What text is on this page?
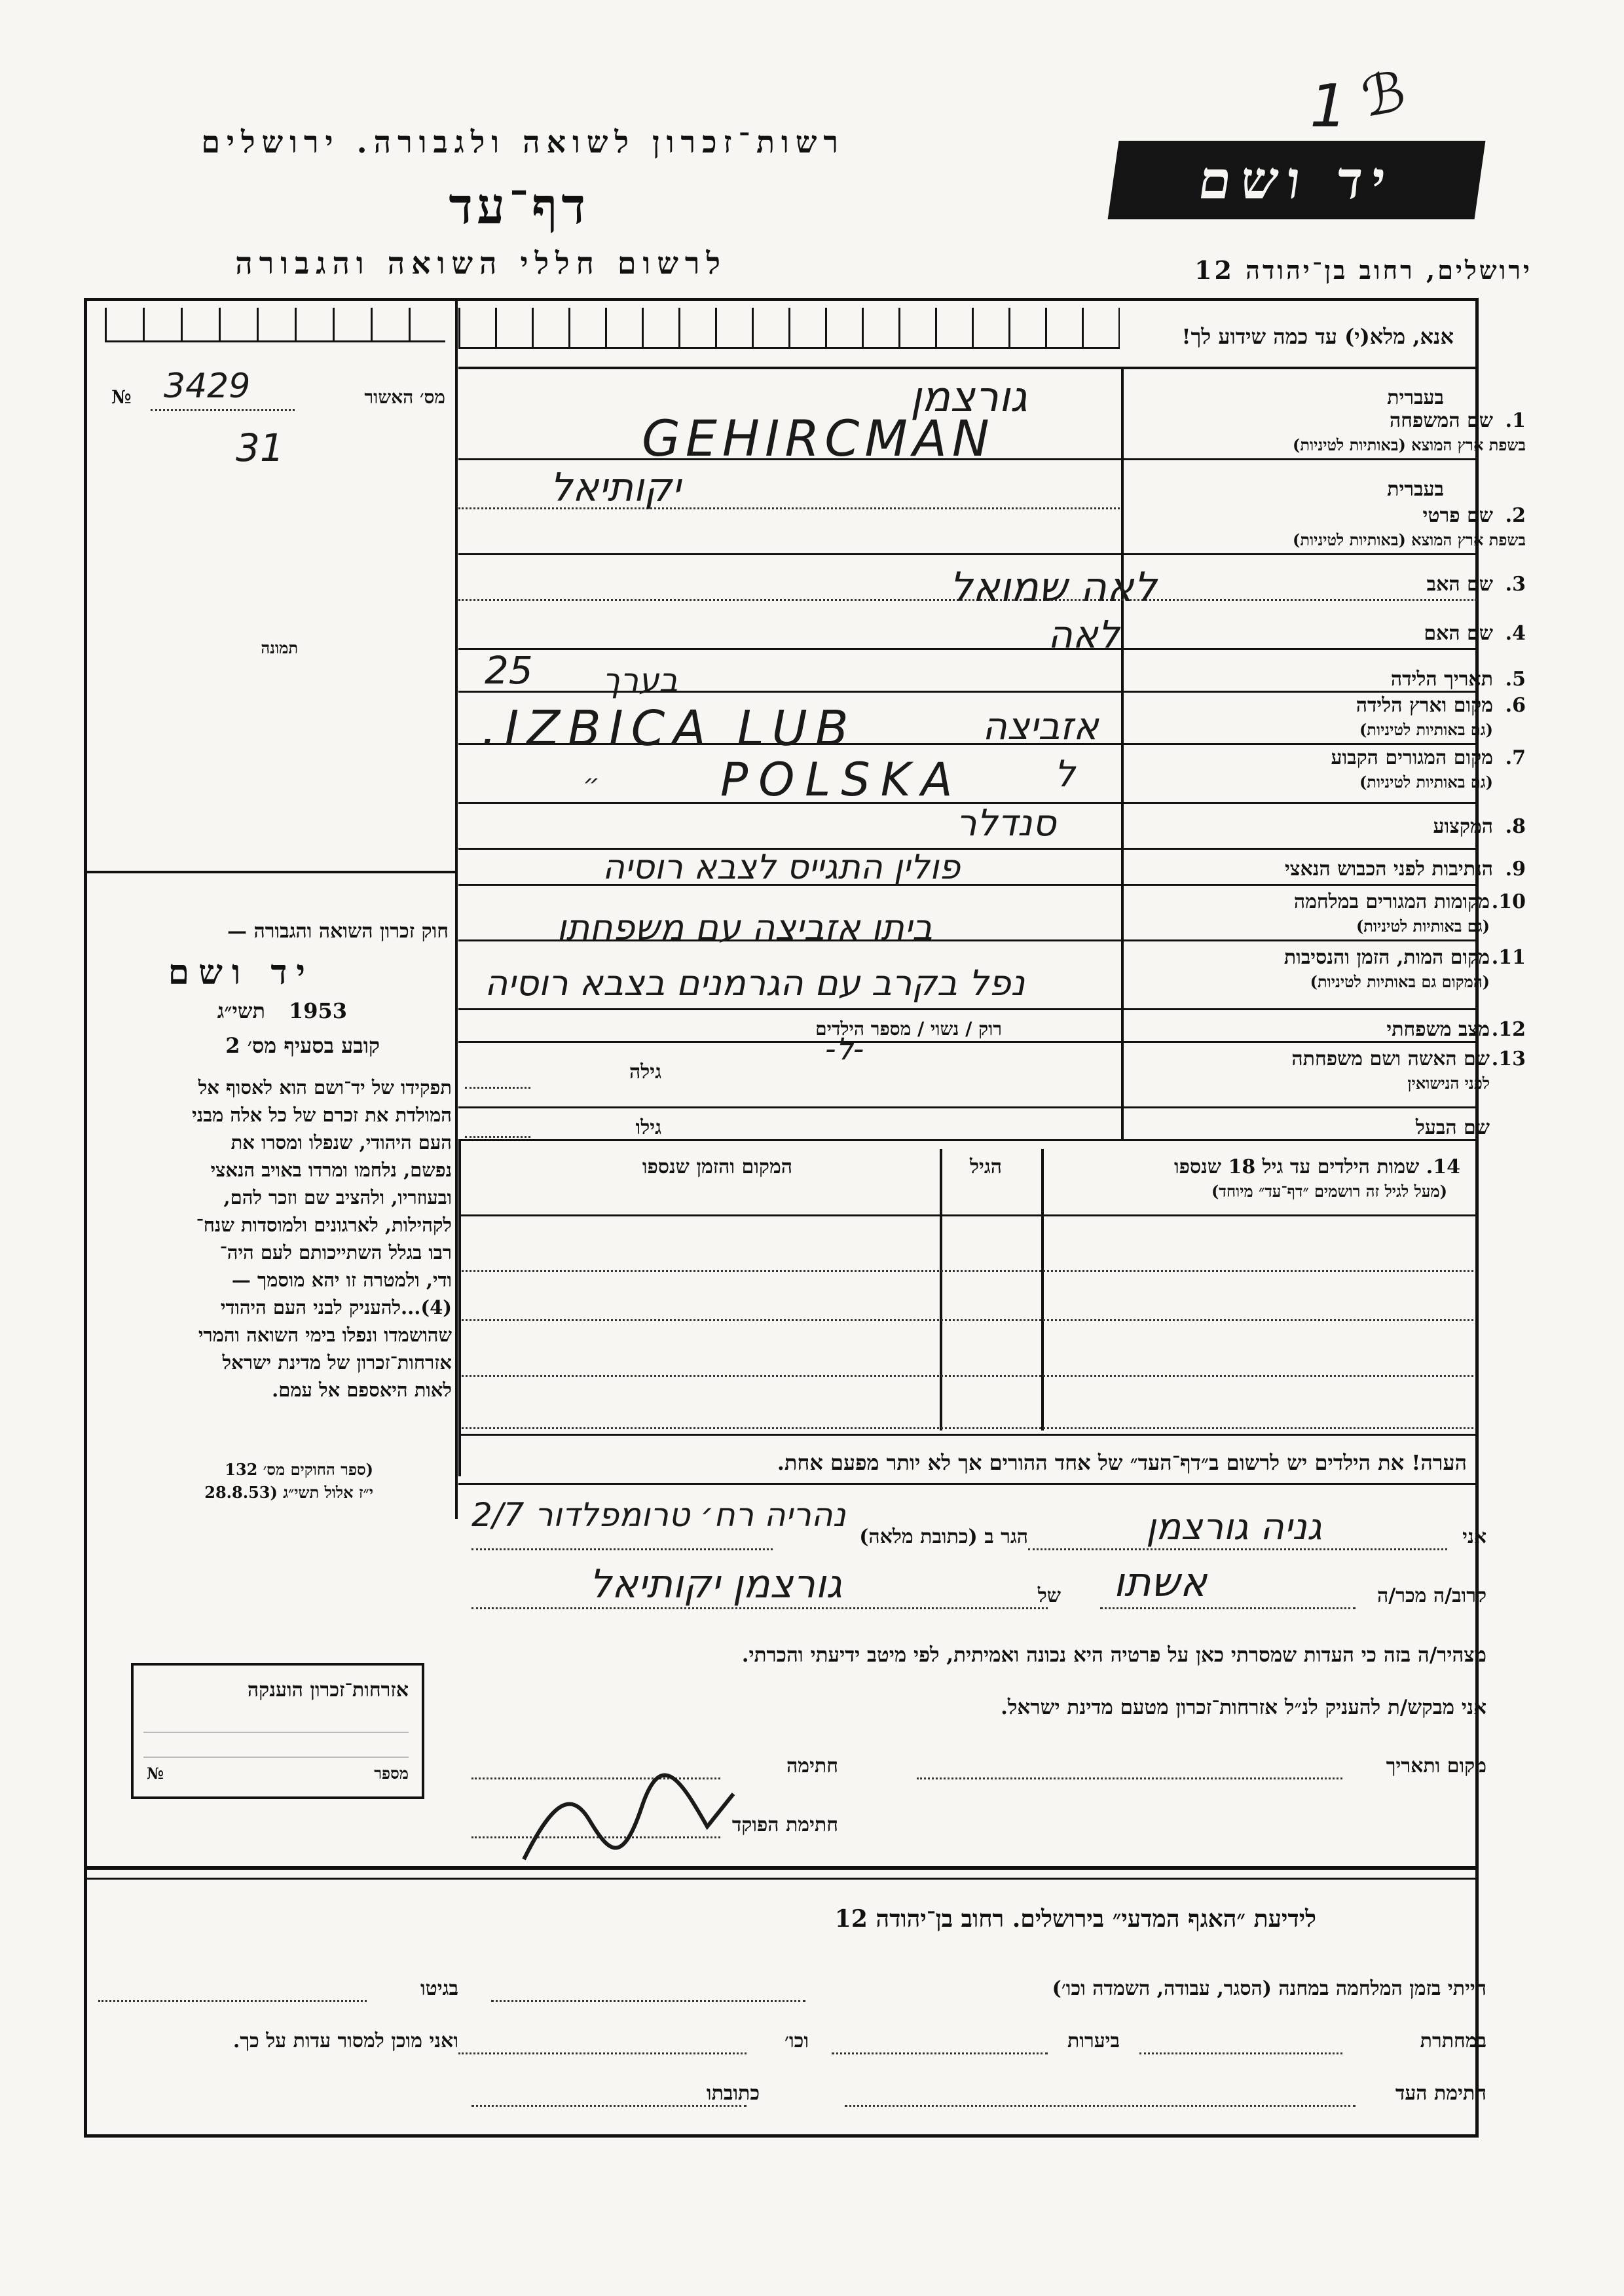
רשות־זכרון לשואה ולגבורה. ירושלים
דף־עד
לרשום חללי השואה והגבורה	ירושלים, רחוב בן־יהודה 12
יד ושם
1 ℬ
מס׳ האשור
№ 3429
31
תמונה
חוק זכרון השואה והגבורה —
יד ושם
תשי״ג 1953
קובע בסעיף מס׳ 2
תפקידו של יד־ושם הוא לאסוף אל
המולדת את זכרם של כל אלה מבני
העם היהודי, שנפלו ומסרו את
נפשם, נלחמו ומרדו באויב הנאצי
ובעוזריו, ולהציב שם וזכר להם,
לקהילות, לארגונים ולמוסדות שנח־
רבו בגלל השתייכותם לעם היה־
ודי, ולמטרה זו יהא מוסמך —
(4)...להעניק לבני העם היהודי
שהושמדו ונפלו בימי השואה והמרי
אזרחות־זכרון של מדינת ישראל
לאות היאספם אל עמם.
(ספר החוקים מס׳ 132
י״ז אלול תשי״ג (28.8.53
אזרחות־זכרון הוענקה
מספר
№
אנא, מלא(י) עד כמה שידוע לך!
בעברית
1.
שם המשפחה
בשפת ארץ המוצא (באותיות לטיניות)
בעברית
2.
שם פרטי
בשפת ארץ המוצא (באותיות לטיניות)
3.
שם האב
4.
שם האם
5.
תאריך הלידה
6.
מקום וארץ הלידה
(גם באותיות לטיניות)
7.
מקום המגורים הקבוע
(גם באותיות לטיניות)
8.
המקצוע
9.
הנתיבות לפני הכבוש הנאצי
10.
מקומות המגורים במלחמה
(גם באותיות לטיניות)
11.
מקום המות, הזמן והנסיבות
(המקום גם באותיות לטיניות)
12.
מצב משפחתי
13.
שם האשה ושם משפחתה
לפני הנישואין
שם הבעל
גורצמן
GEHIRCMAN
יקותיאל
לאה שמואל
לאה
25 בערך
IZBICA LUB.	אזביצה
POLSKA ל
״
סנדלר
פולין התגייס לצבא רוסיה
ביתו אזביצה עם משפחתו
נפל בקרב עם הגרמנים בצבא רוסיה
רוק / נשוי / מספר הילדים
-ל-
גילה
גילו
14. שמות הילדים עד גיל 18 שנספו
(מעל לגיל זה רושמים ״דף־עד״ מיוחד)
הגיל
המקום והזמן שנספו
הערה! את הילדים יש לרשום ב״דף־העד״ של אחד ההורים אך לא יותר מפעם אחת.
אני
גניה גורצמן
הגר ב (כתובת מלאה)
נהריה רח׳ טרומפלדור 2/7
קרוב/ה מכר/ה
אשתו
של
גורצמן יקותיאל
מצהיר/ה בזה כי העדות שמסרתי כאן על פרטיה היא נכונה ואמיתית, לפי מיטב ידיעתי והכרתי.
אני מבקש/ת להעניק לנ״ל אזרחות־זכרון מטעם מדינת ישראל.
מקום ותאריך
חתימה
חתימת הפוקד
לידיעת ״האגף המדעי״ בירושלים. רחוב בן־יהודה 12
הייתי בזמן המלחמה במחנה (הסגר, עבודה, השמדה וכו׳)
בגיטו
במחתרת
ביערות
וכו׳
ואני מוכן למסור עדות על כך.
חתימת העד
כתובתו
